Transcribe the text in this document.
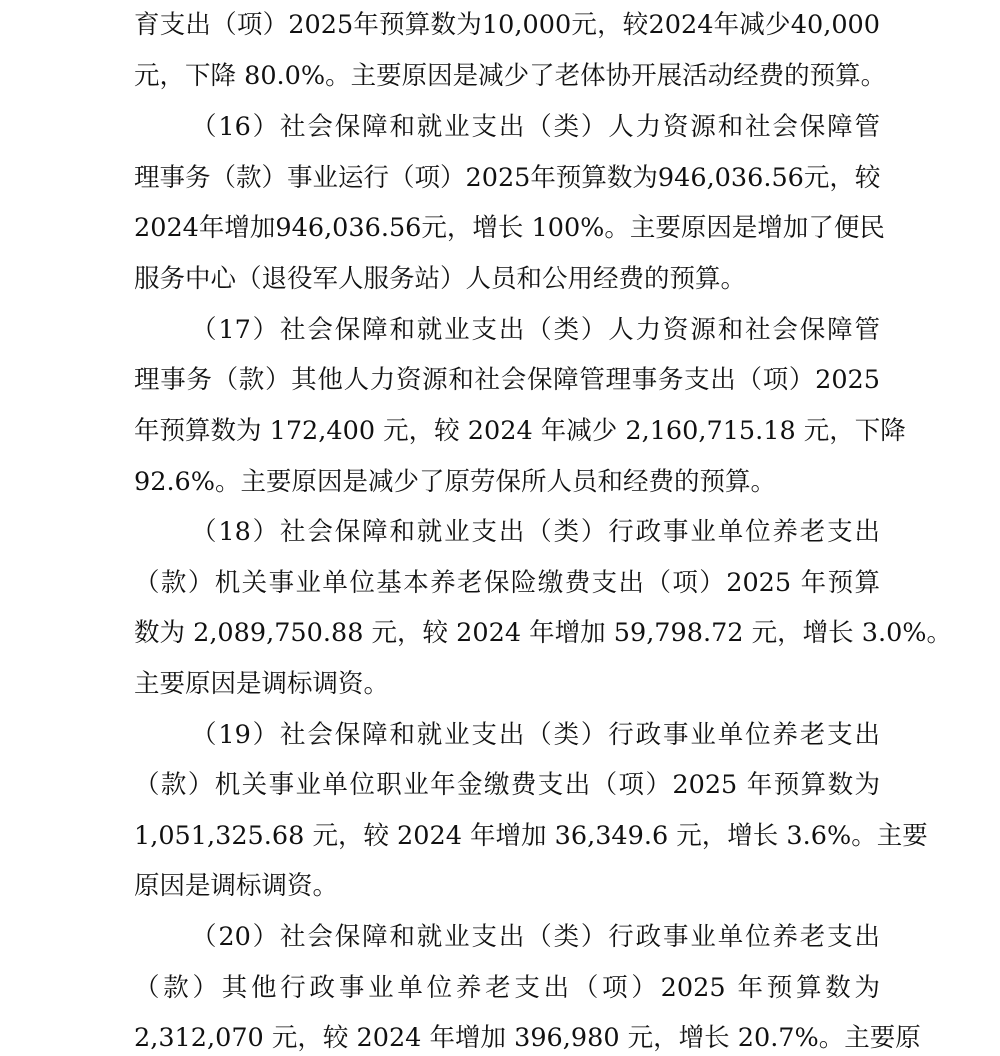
育支出（项）2025年预算数为10,000元，较2024年减少40,000
元，下降 80.0%。主要原因是减少了老体协开展活动经费的预算。
（16）社会保障和就业支出（类）人力资源和社会保障管
理事务（款）事业运行（项）2025年预算数为946,036.56元，较
2024年增加946,036.56元，增长 100%。主要原因是增加了便民
服务中心（退役军人服务站）人员和公用经费的预算。
（17）社会保障和就业支出（类）人力资源和社会保障管
理事务（款）其他人力资源和社会保障管理事务支出（项）2025
年预算数为 172,400 元，较 2024 年减少 2,160,715.18 元，下降
92.6%。主要原因是减少了原劳保所人员和经费的预算。
（18）社会保障和就业支出（类）行政事业单位养老支出
（款）机关事业单位基本养老保险缴费支出（项）2025 年预算
数为 2,089,750.88 元，较 2024 年增加 59,798.72 元，增长 3.0%。
主要原因是调标调资。
（19）社会保障和就业支出（类）行政事业单位养老支出
（款）机关事业单位职业年金缴费支出（项）2025 年预算数为
1,051,325.68 元，较 2024 年增加 36,349.6 元，增长 3.6%。主要
原因是调标调资。
（20）社会保障和就业支出（类）行政事业单位养老支出
（款）其他行政事业单位养老支出（项）2025 年预算数为
2,312,070 元，较 2024 年增加 396,980 元，增长 20.7%。主要原
